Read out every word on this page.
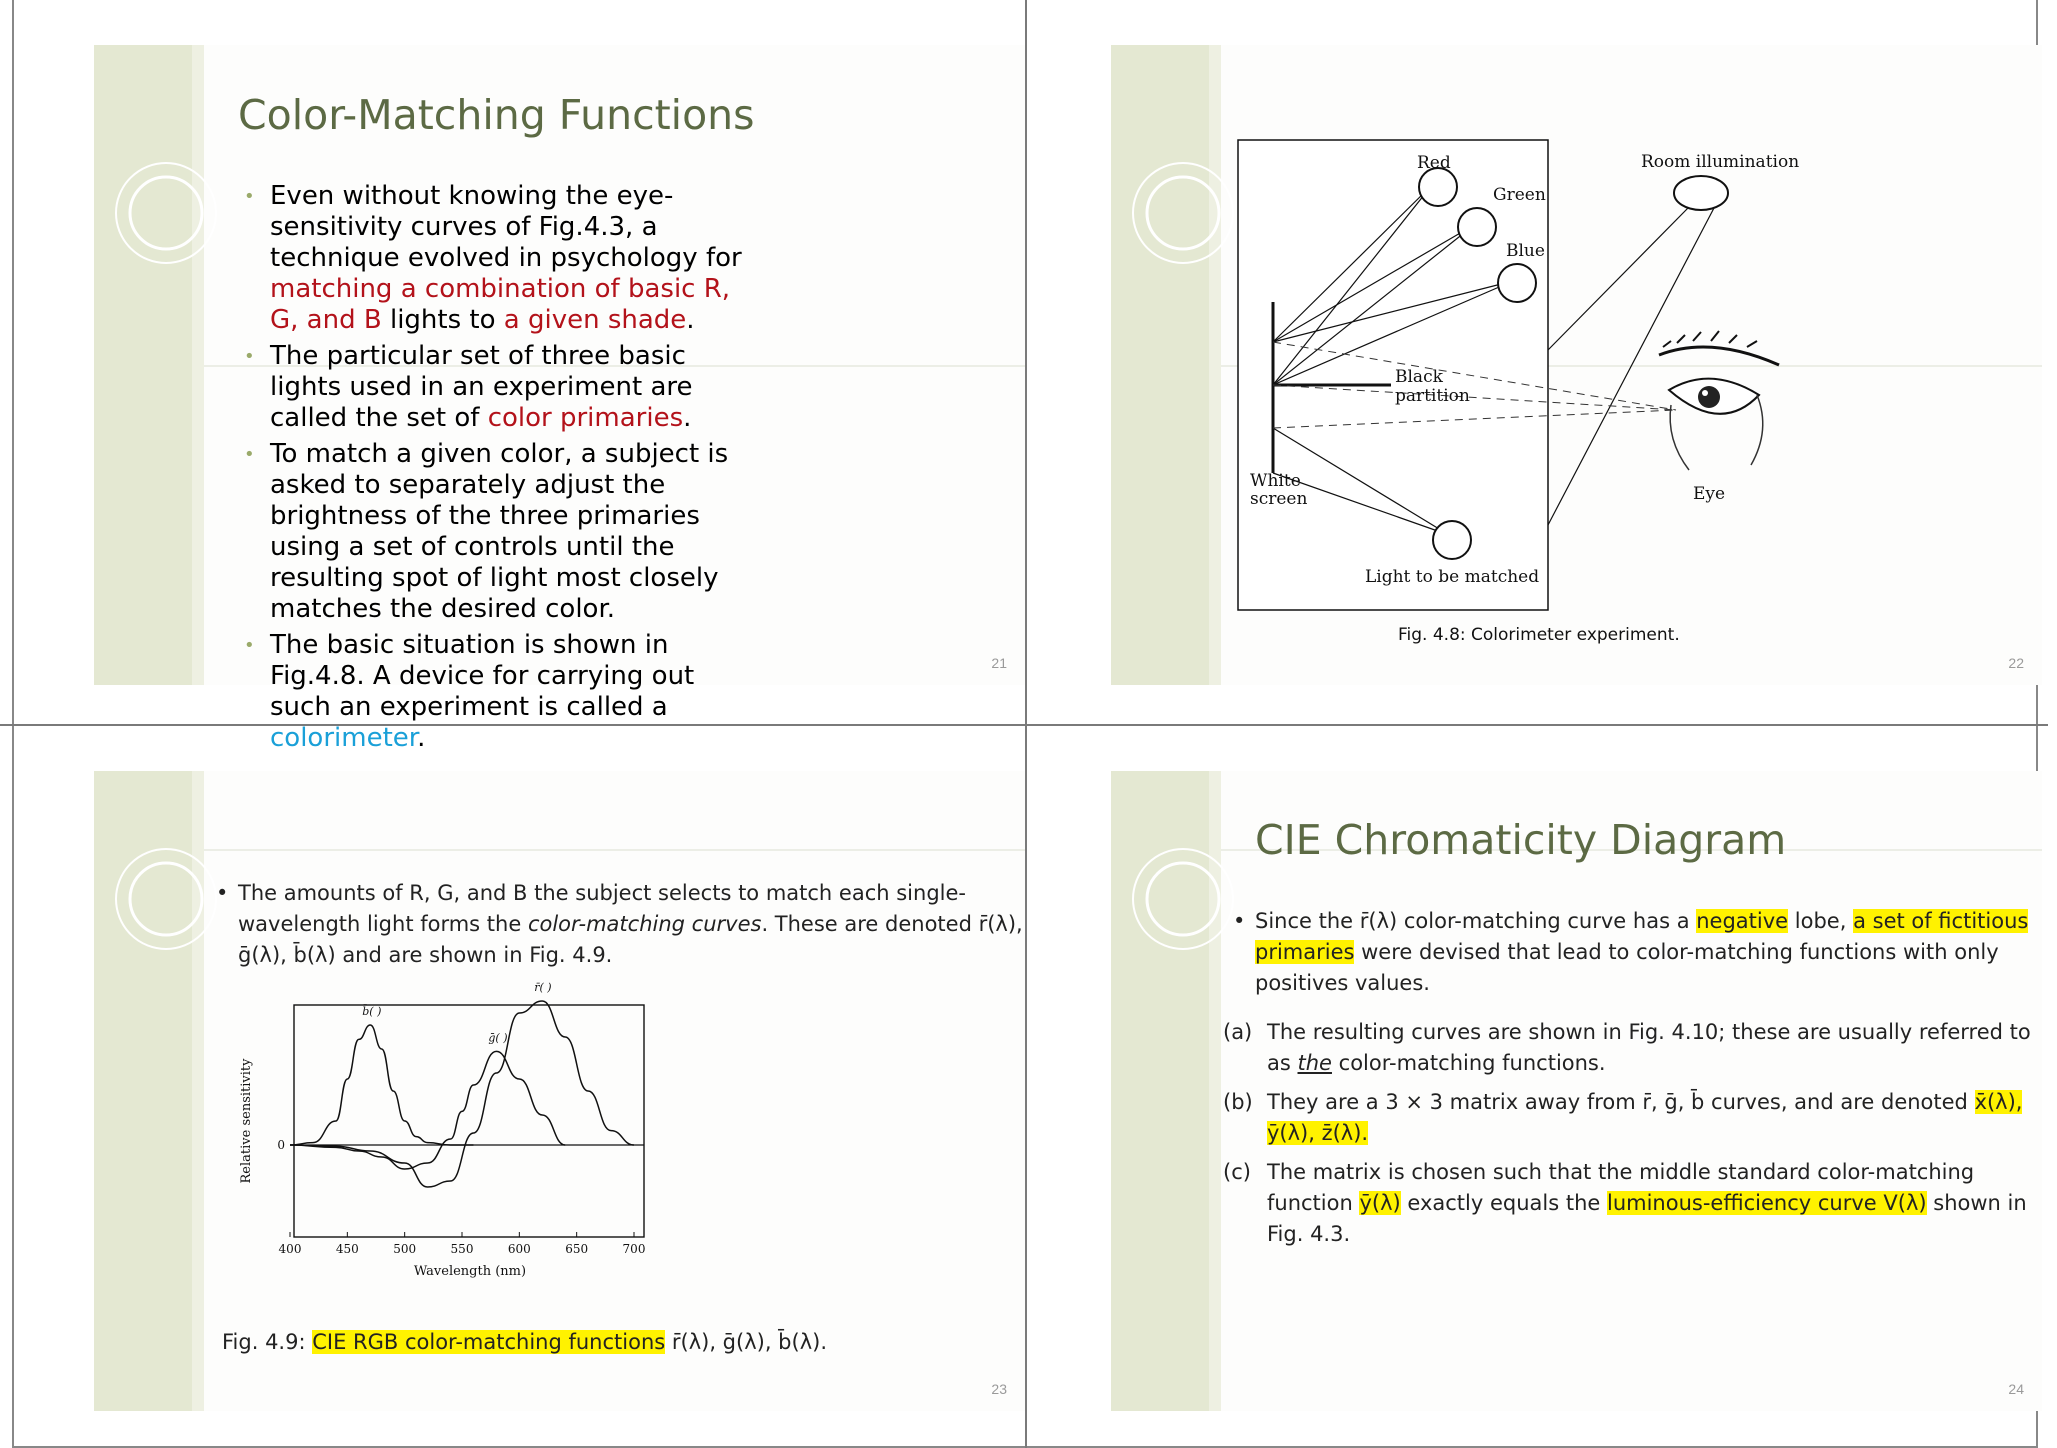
Color-Matching Functions
• Even without knowing the eye-sensitivity curves of Fig.4.3, a technique evolved in psychology for matching a combination of basic R, G, and B lights to a given shade.
• The particular set of three basic lights used in an experiment are called the set of color primaries.
• To match a given color, a subject is asked to separately adjust the brightness of the three primaries using a set of controls until the resulting spot of light most closely matches the desired color.
• The basic situation is shown in Fig.4.8. A device for carrying out such an experiment is called a colorimeter.
21
Red
Green
Blue
Room illumination
Black
partition
White
screen	Eye
Light to be matched
Fig. 4.8: Colorimeter experiment.
22
• The amounts of R, G, and B the subject selects to match each single-wavelength light forms the color-matching curves. These are denoted r̄(λ), ḡ(λ), b̄(λ) and are shown in Fig. 4.9.
400	450	500	550	600	650	700
0
Wavelength (nm)
Relative sensitivity
b̄( )
ḡ( )
r̄( )
Fig. 4.9: CIE RGB color-matching functions r̄(λ), ḡ(λ), b̄(λ).
23
CIE Chromaticity Diagram
• Since the r̄(λ) color-matching curve has a negative lobe, a set of fictitious primaries were devised that lead to color-matching functions with only positives values.
(a) The resulting curves are shown in Fig. 4.10; these are usually referred to as the color-matching functions.
(b) They are a 3 × 3 matrix away from r̄, ḡ, b̄ curves, and are denoted x̄(λ), ȳ(λ), z̄(λ).
(c) The matrix is chosen such that the middle standard color-matching function ȳ(λ) exactly equals the luminous-efficiency curve V(λ) shown in Fig. 4.3.
24
